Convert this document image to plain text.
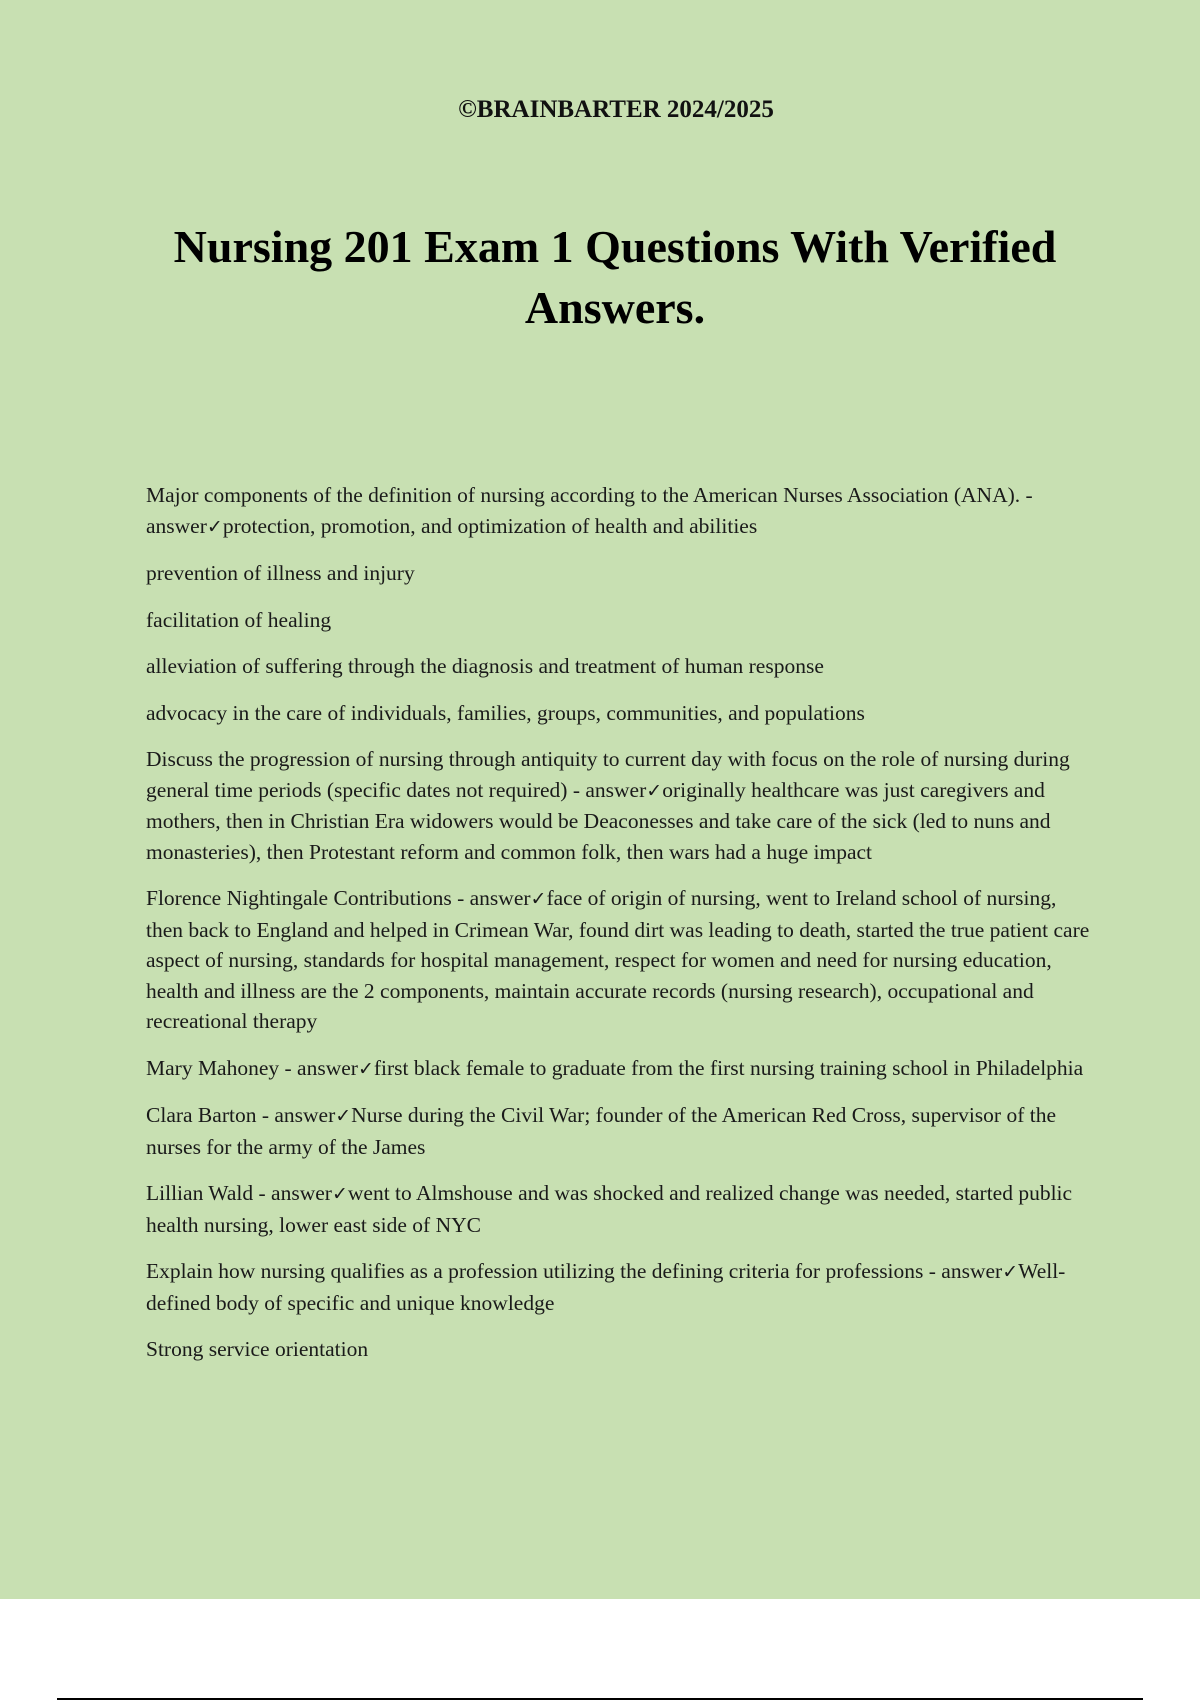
©BRAINBARTER 2024/2025

Nursing 201 Exam 1 Questions With Verified Answers.

Major components of the definition of nursing according to the American Nurses Association (ANA). - answer✓protection, promotion, and optimization of health and abilities

prevention of illness and injury

facilitation of healing

alleviation of suffering through the diagnosis and treatment of human response

advocacy in the care of individuals, families, groups, communities, and populations

Discuss the progression of nursing through antiquity to current day with focus on the role of nursing during general time periods (specific dates not required) - answer✓originally healthcare was just caregivers and mothers, then in Christian Era widowers would be Deaconesses and take care of the sick (led to nuns and monasteries), then Protestant reform and common folk, then wars had a huge impact

Florence Nightingale Contributions - answer✓face of origin of nursing, went to Ireland school of nursing, then back to England and helped in Crimean War, found dirt was leading to death, started the true patient care aspect of nursing, standards for hospital management, respect for women and need for nursing education, health and illness are the 2 components, maintain accurate records (nursing research), occupational and recreational therapy

Mary Mahoney - answer✓first black female to graduate from the first nursing training school in Philadelphia

Clara Barton - answer✓Nurse during the Civil War; founder of the American Red Cross, supervisor of the nurses for the army of the James

Lillian Wald - answer✓went to Almshouse and was shocked and realized change was needed, started public health nursing, lower east side of NYC

Explain how nursing qualifies as a profession utilizing the defining criteria for professions - answer✓Well-defined body of specific and unique knowledge

Strong service orientation
